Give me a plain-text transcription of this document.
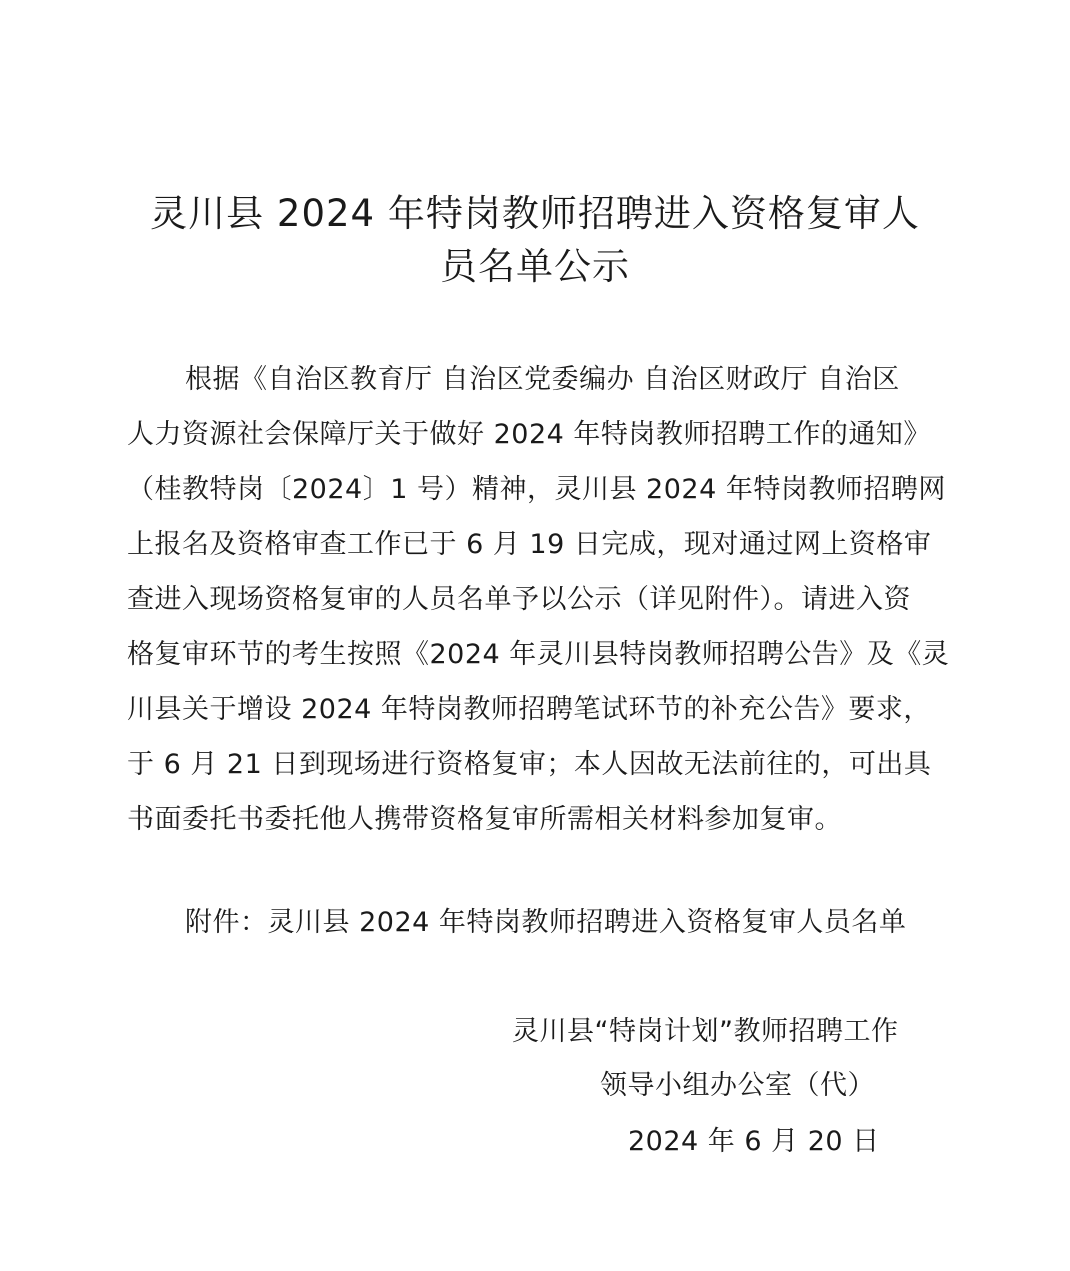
灵川县 2024 年特岗教师招聘进入资格复审人
员名单公示
根据《自治区教育厅 自治区党委编办 自治区财政厅 自治区
人力资源社会保障厅关于做好 2024 年特岗教师招聘工作的通知》
（桂教特岗〔2024〕1 号）精神，灵川县 2024 年特岗教师招聘网
上报名及资格审查工作已于 6 月 19 日完成，现对通过网上资格审
查进入现场资格复审的人员名单予以公示（详见附件）。请进入资
格复审环节的考生按照《2024 年灵川县特岗教师招聘公告》及《灵
川县关于增设 2024 年特岗教师招聘笔试环节的补充公告》要求，
于 6 月 21 日到现场进行资格复审；本人因故无法前往的，可出具
书面委托书委托他人携带资格复审所需相关材料参加复审。
附件：灵川县 2024 年特岗教师招聘进入资格复审人员名单
灵川县“特岗计划”教师招聘工作
领导小组办公室（代）
2024 年 6 月 20 日
